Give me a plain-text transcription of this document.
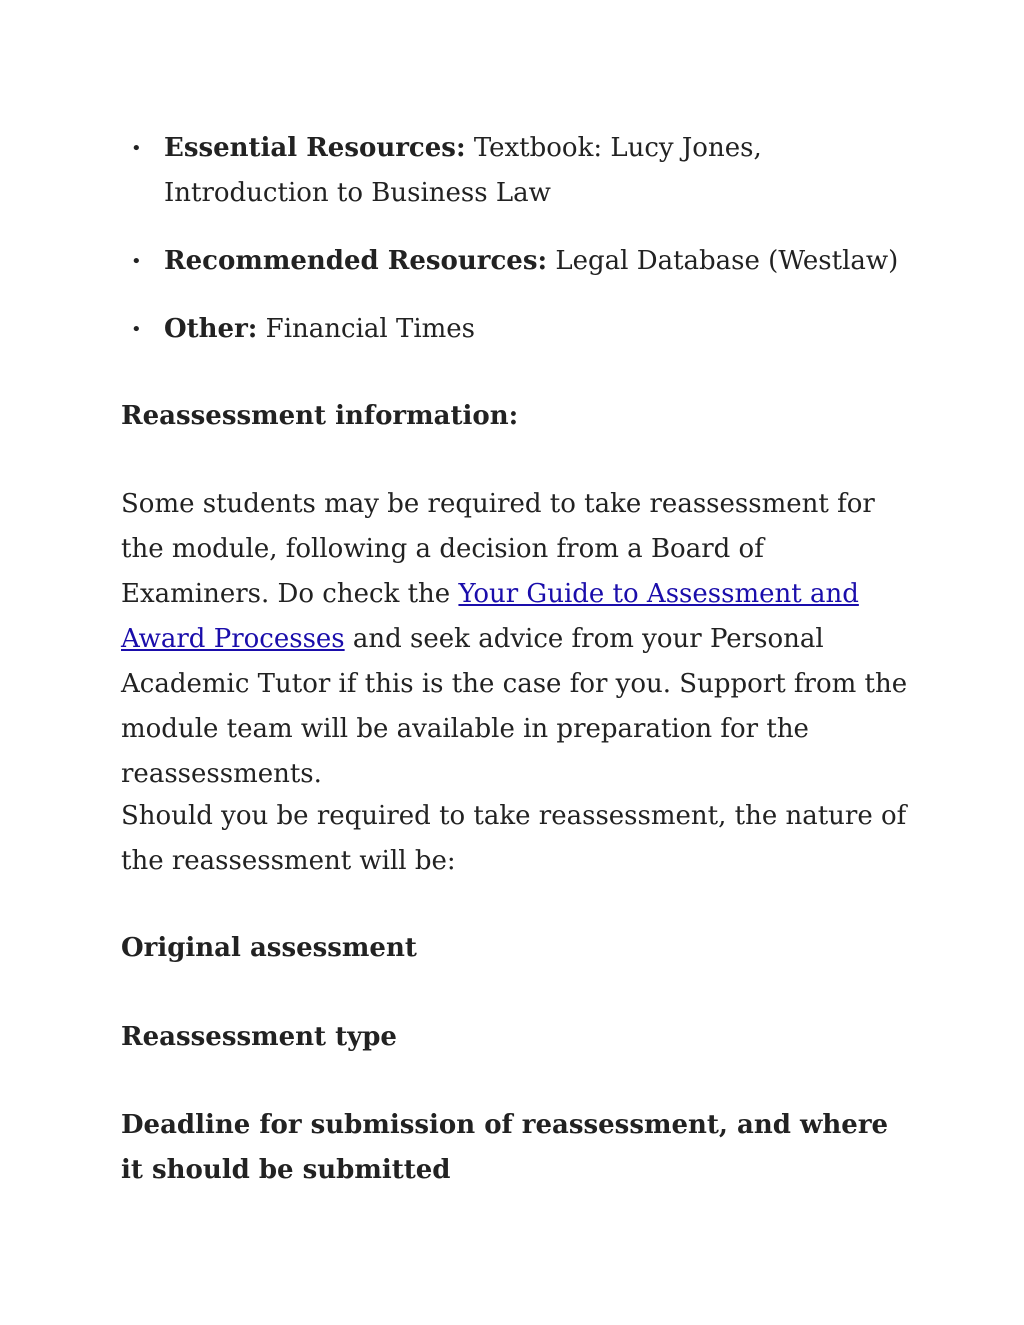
• Essential Resources: Textbook: Lucy Jones, Introduction to Business Law
• Recommended Resources: Legal Database (Westlaw)
• Other: Financial Times

Reassessment information:

Some students may be required to take reassessment for the module, following a decision from a Board of Examiners. Do check the Your Guide to Assessment and Award Processes and seek advice from your Personal Academic Tutor if this is the case for you. Support from the module team will be available in preparation for the reassessments.

Should you be required to take reassessment, the nature of the reassessment will be:

Original assessment

Reassessment type

Deadline for submission of reassessment, and where it should be submitted
